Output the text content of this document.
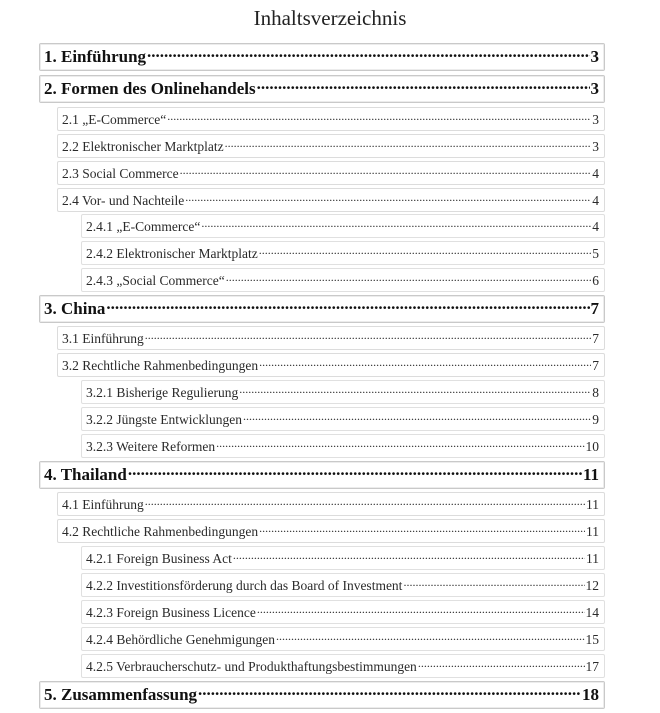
Inhaltsverzeichnis
1. Einführung .....	3
2. Formen des Onlinehandels .....	3
2.1 „E-Commerce“ .....	3
2.2 Elektronischer Marktplatz .....	3
2.3 Social Commerce .....	4
2.4 Vor- und Nachteile .....	4
2.4.1 „E-Commerce“ .....	4
2.4.2 Elektronischer Marktplatz .....	5
2.4.3 „Social Commerce“ .....	6
3. China .....	7
3.1 Einführung .....	7
3.2 Rechtliche Rahmenbedingungen .....	7
3.2.1 Bisherige Regulierung .....	8
3.2.2 Jüngste Entwicklungen .....	9
3.2.3 Weitere Reformen .....	10
4. Thailand .....	11
4.1 Einführung .....	11
4.2 Rechtliche Rahmenbedingungen .....	11
4.2.1 Foreign Business Act .....	11
4.2.2 Investitionsförderung durch das Board of Investment .....	12
4.2.3 Foreign Business Licence .....	14
4.2.4 Behördliche Genehmigungen .....	15
4.2.5 Verbraucherschutz- und Produkthaftungsbestimmungen .....	17
5. Zusammenfassung .....	18
